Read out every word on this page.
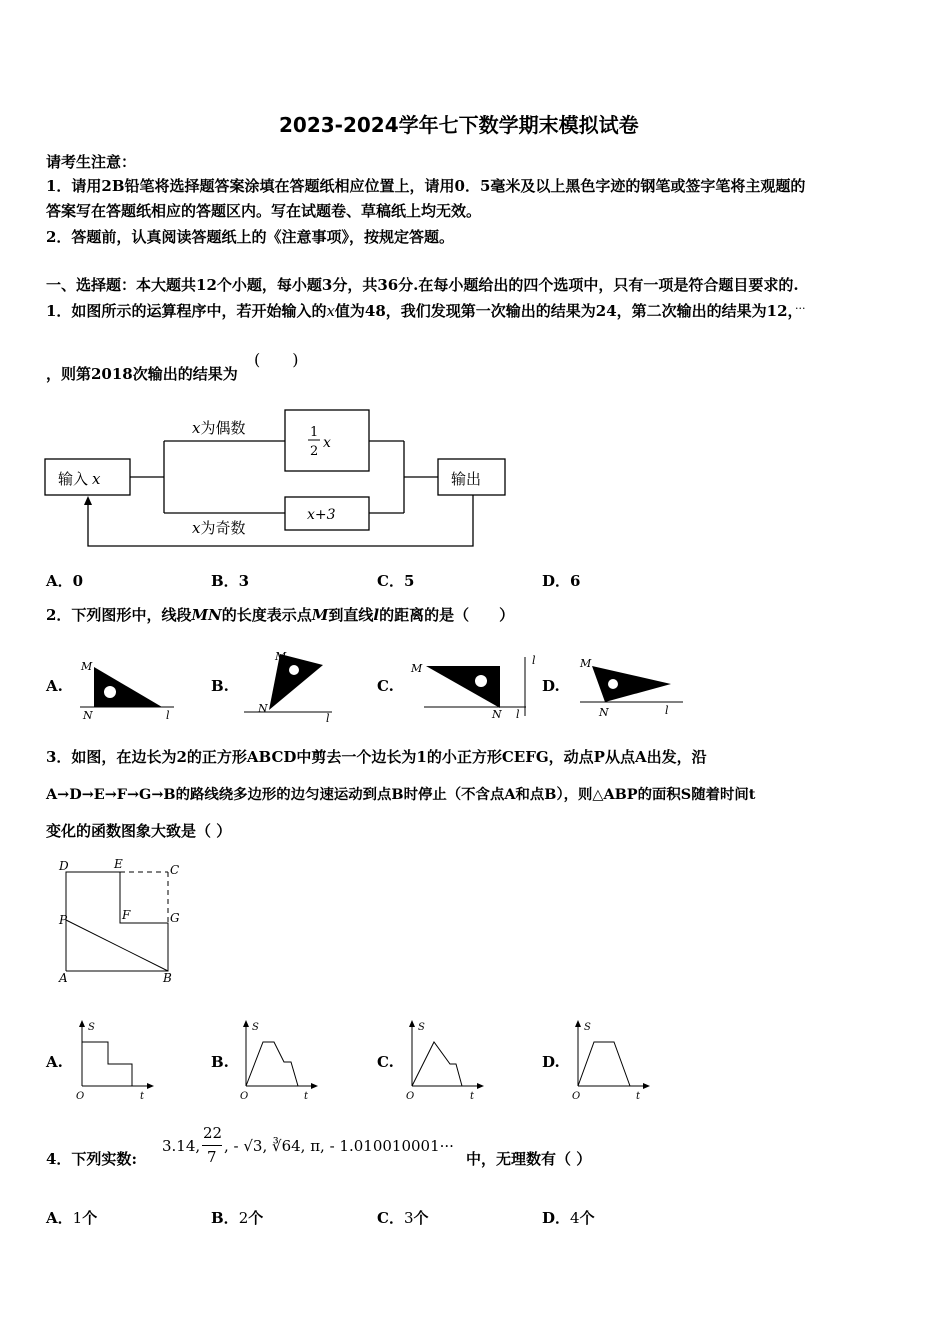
2023-2024学年七下数学期末模拟试卷
请考生注意：
1．请用2B铅笔将选择题答案涂填在答题纸相应位置上，请用0．5毫米及以上黑色字迹的钢笔或签字笔将主观题的
答案写在答题纸相应的答题区内。写在试题卷、草稿纸上均无效。
2．答题前，认真阅读答题纸上的《注意事项》，按规定答题。
一、选择题：本大题共12个小题，每小题3分，共36分.在每小题给出的四个选项中，只有一项是符合题目要求的.
1．如图所示的运算程序中，若开始输入的x值为48，我们发现第一次输出的结果为24，第二次输出的结果为12，···
，则第2018次输出的结果为
(　　)
输入 x
x为偶数
x为奇数
1
2
x
x+3
输出
A．0	B．3	C．5	D．6
2．下列图形中，线段MN的长度表示点M到直线l的距离的是（　　）
A.	B.	C.	D.
M
N	l
M
N
l
M
N l
l	M
N	l
3．如图，在边长为2的正方形ABCD中剪去一个边长为1的小正方形CEFG，动点P从点A出发，沿
A→D→E→F→G→B的路线绕多边形的边匀速运动到点B时停止（不含点A和点B），则△ABP的面积S随着时间t
变化的函数图象大致是（ ）
D	E	C
P	F	G
A	B
A.	B.	C.	D.
S
O	t
S
O	t
S
O	t
S
O	t
4．下列实数:
3.14,
22
7
, - √3, ∛64, π, - 1.010010001···
中，无理数有（ ）
A．1个	B．2个	C．3个	D．4个
